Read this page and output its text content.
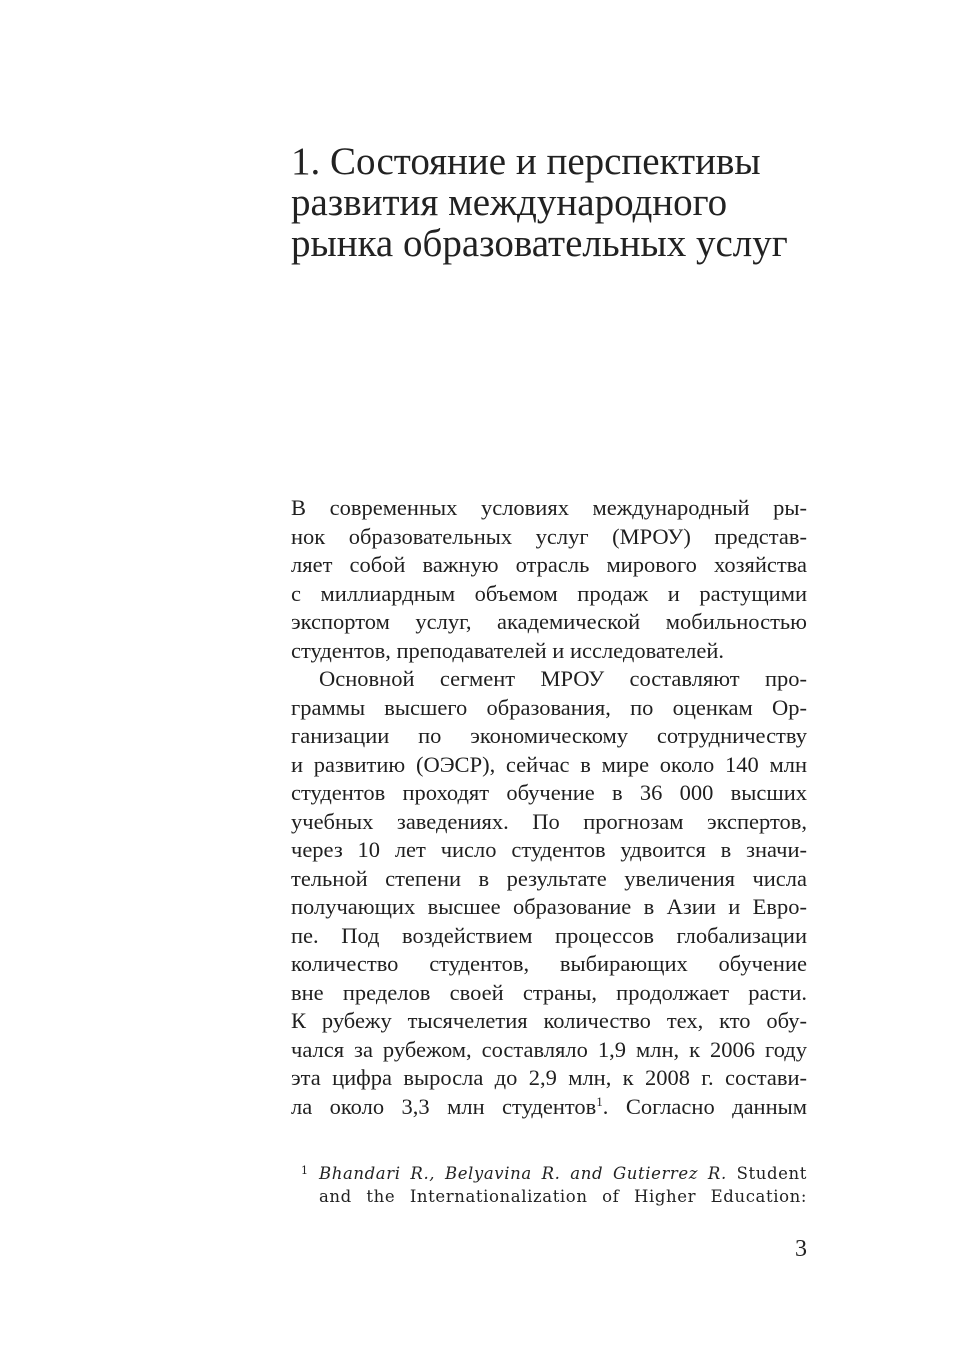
1. Состояние и перспективы
развития международного
рынка образовательных услуг
В современных условиях международный ры-
нок образовательных услуг (МРОУ) представ-
ляет собой важную отрасль мирового хозяйства
с миллиардным объемом продаж и растущими
экспортом услуг, академической мобильностью
студентов, преподавателей и исследователей.
Основной сегмент МРОУ составляют про-
граммы высшего образования, по оценкам Ор-
ганизации по экономическому сотрудничеству
и развитию (ОЭСР), сейчас в мире около 140 млн
студентов проходят обучение в 36 000 высших
учебных заведениях. По прогнозам экспертов,
через 10 лет число студентов удвоится в значи-
тельной степени в результате увеличения числа
получающих высшее образование в Азии и Евро-
пе. Под воздействием процессов глобализации
количество студентов, выбирающих обучение
вне пределов своей страны, продолжает расти.
К рубежу тысячелетия количество тех, кто обу-
чался за рубежом, составляло 1,9 млн, к 2006 году
эта цифра выросла до 2,9 млн, к 2008 г. состави-
ла около 3,3 млн студентов$^1$. Согласно данным
1 Bhandari R., Belyavina R. and Gutierrez R. Student
and the Internationalization of Higher Education:
3
